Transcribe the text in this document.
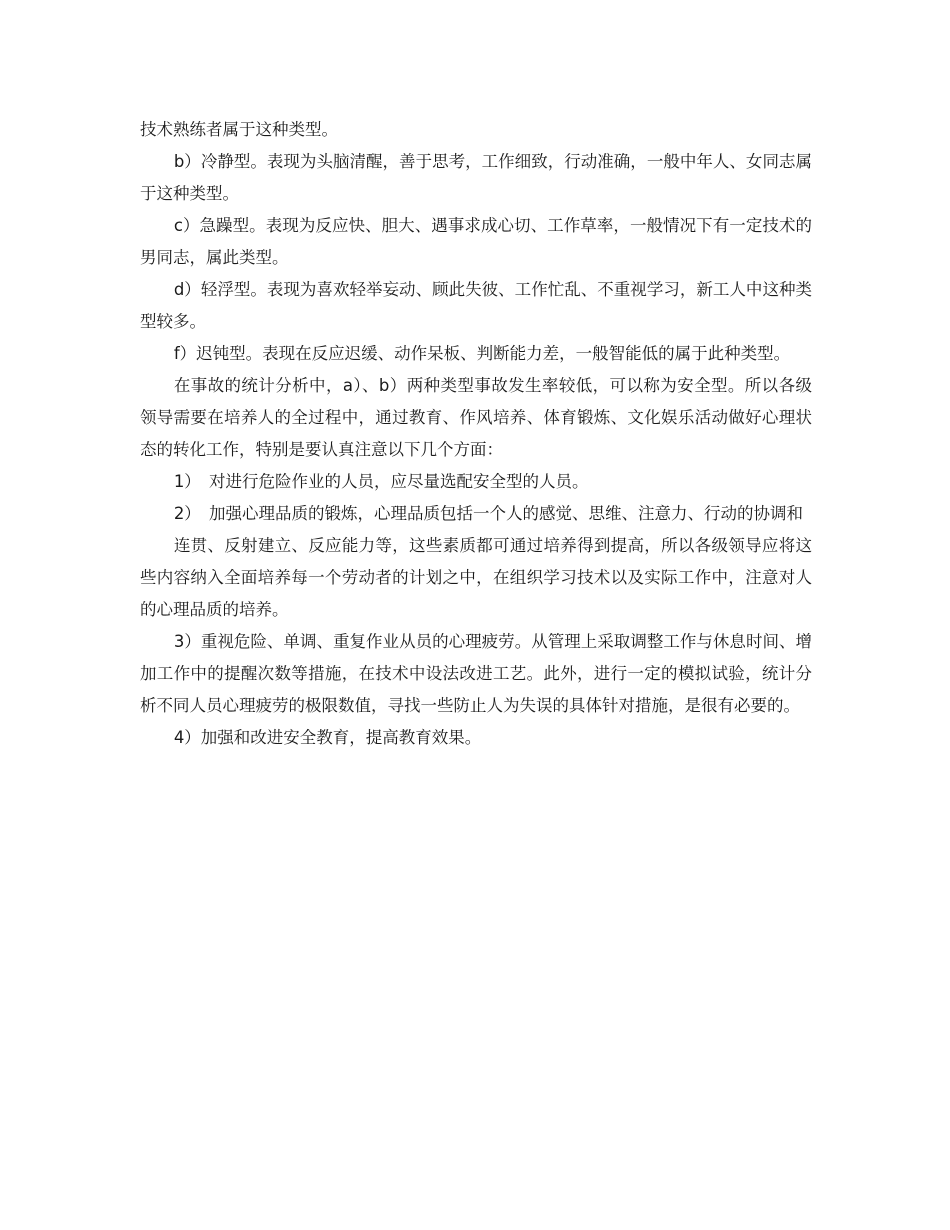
技术熟练者属于这种类型。

b）冷静型。表现为头脑清醒，善于思考，工作细致，行动准确，一般中年人、女同志属于这种类型。

c）急躁型。表现为反应快、胆大、遇事求成心切、工作草率，一般情况下有一定技术的男同志，属此类型。

d）轻浮型。表现为喜欢轻举妄动、顾此失彼、工作忙乱、不重视学习，新工人中这种类型较多。

f）迟钝型。表现在反应迟缓、动作呆板、判断能力差，一般智能低的属于此种类型。

在事故的统计分析中，a）、b）两种类型事故发生率较低，可以称为安全型。所以各级领导需要在培养人的全过程中，通过教育、作风培养、体育锻炼、文化娱乐活动做好心理状态的转化工作，特别是要认真注意以下几个方面：

1）　对进行危险作业的人员，应尽量选配安全型的人员。

2）　加强心理品质的锻炼，心理品质包括一个人的感觉、思维、注意力、行动的协调和

连贯、反射建立、反应能力等，这些素质都可通过培养得到提高，所以各级领导应将这些内容纳入全面培养每一个劳动者的计划之中，在组织学习技术以及实际工作中，注意对人的心理品质的培养。

3）重视危险、单调、重复作业从员的心理疲劳。从管理上采取调整工作与休息时间、增加工作中的提醒次数等措施，在技术中设法改进工艺。此外，进行一定的模拟试验，统计分析不同人员心理疲劳的极限数值，寻找一些防止人为失误的具体针对措施，是很有必要的。

4）加强和改进安全教育，提高教育效果。
